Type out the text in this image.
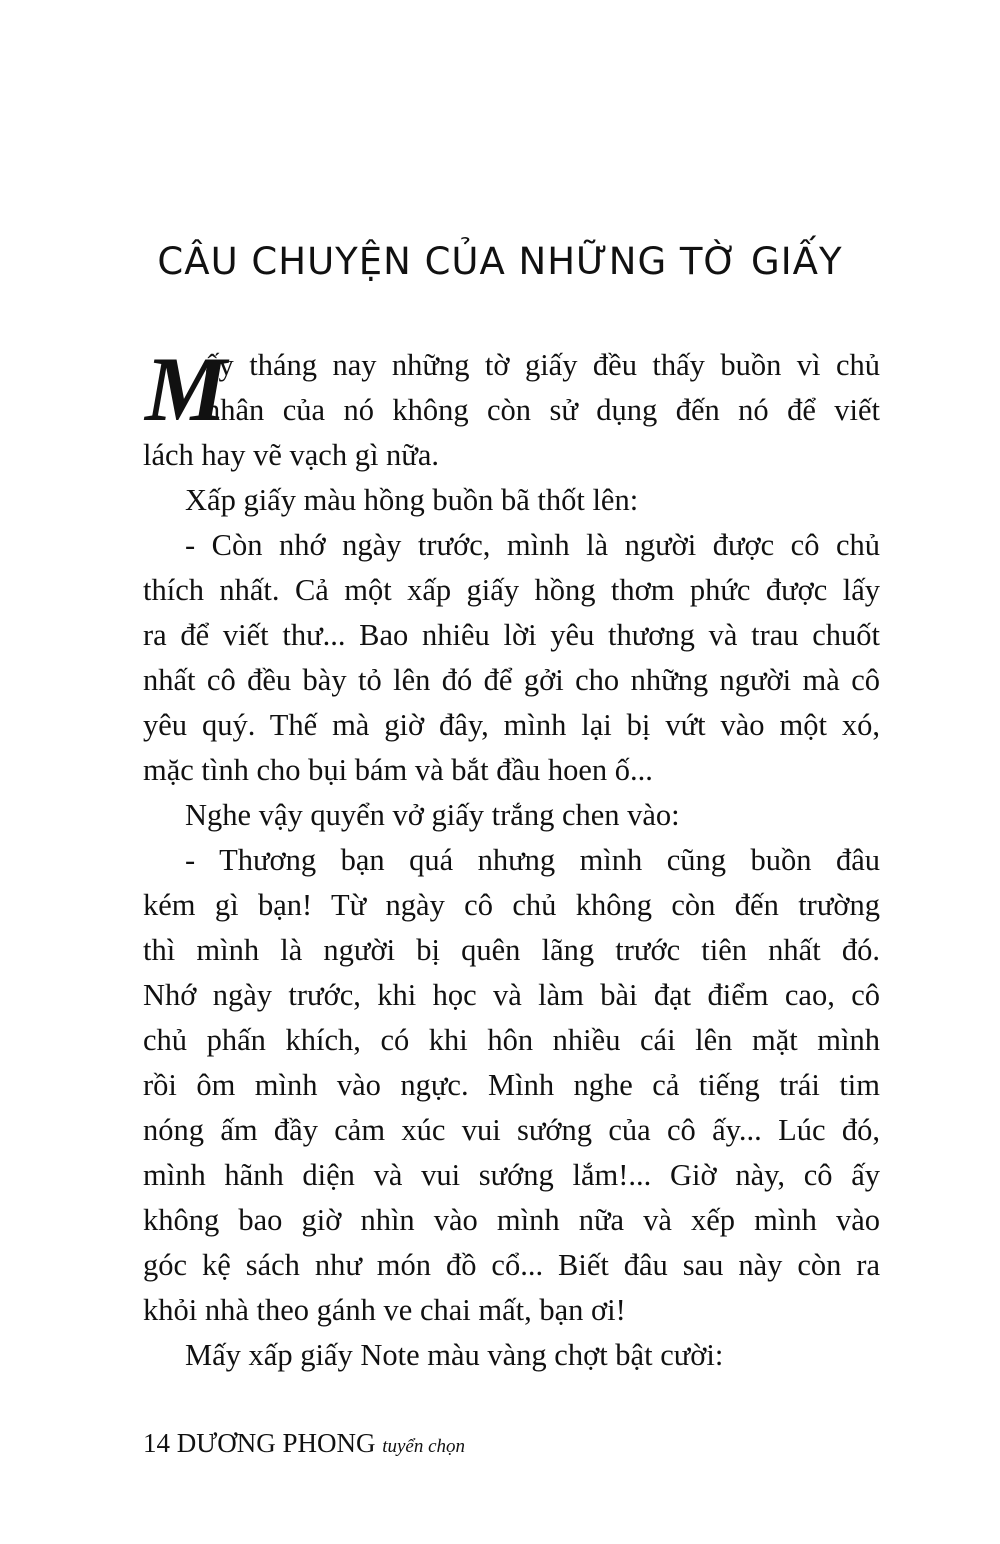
CÂU CHUYỆN CỦA NHỮNG TỜ GIẤY
M
ấy tháng nay những tờ giấy đều thấy buồn vì chủ
nhân của nó không còn sử dụng đến nó để viết
lách hay vẽ vạch gì nữa.
Xấp giấy màu hồng buồn bã thốt lên:
- Còn nhớ ngày trước, mình là người được cô chủ
thích nhất. Cả một xấp giấy hồng thơm phức được lấy
ra để viết thư... Bao nhiêu lời yêu thương và trau chuốt
nhất cô đều bày tỏ lên đó để gởi cho những người mà cô
yêu quý. Thế mà giờ đây, mình lại bị vứt vào một xó,
mặc tình cho bụi bám và bắt đầu hoen ố...
Nghe vậy quyển vở giấy trắng chen vào:
- Thương bạn quá nhưng mình cũng buồn đâu
kém gì bạn! Từ ngày cô chủ không còn đến trường
thì mình là người bị quên lãng trước tiên nhất đó.
Nhớ ngày trước, khi học và làm bài đạt điểm cao, cô
chủ phấn khích, có khi hôn nhiều cái lên mặt mình
rồi ôm mình vào ngực. Mình nghe cả tiếng trái tim
nóng ấm đầy cảm xúc vui sướng của cô ấy... Lúc đó,
mình hãnh diện và vui sướng lắm!... Giờ này, cô ấy
không bao giờ nhìn vào mình nữa và xếp mình vào
góc kệ sách như món đồ cổ... Biết đâu sau này còn ra
khỏi nhà theo gánh ve chai mất, bạn ơi!
Mấy xấp giấy Note màu vàng chợt bật cười:
14 DƯƠNG PHONG tuyển chọn
